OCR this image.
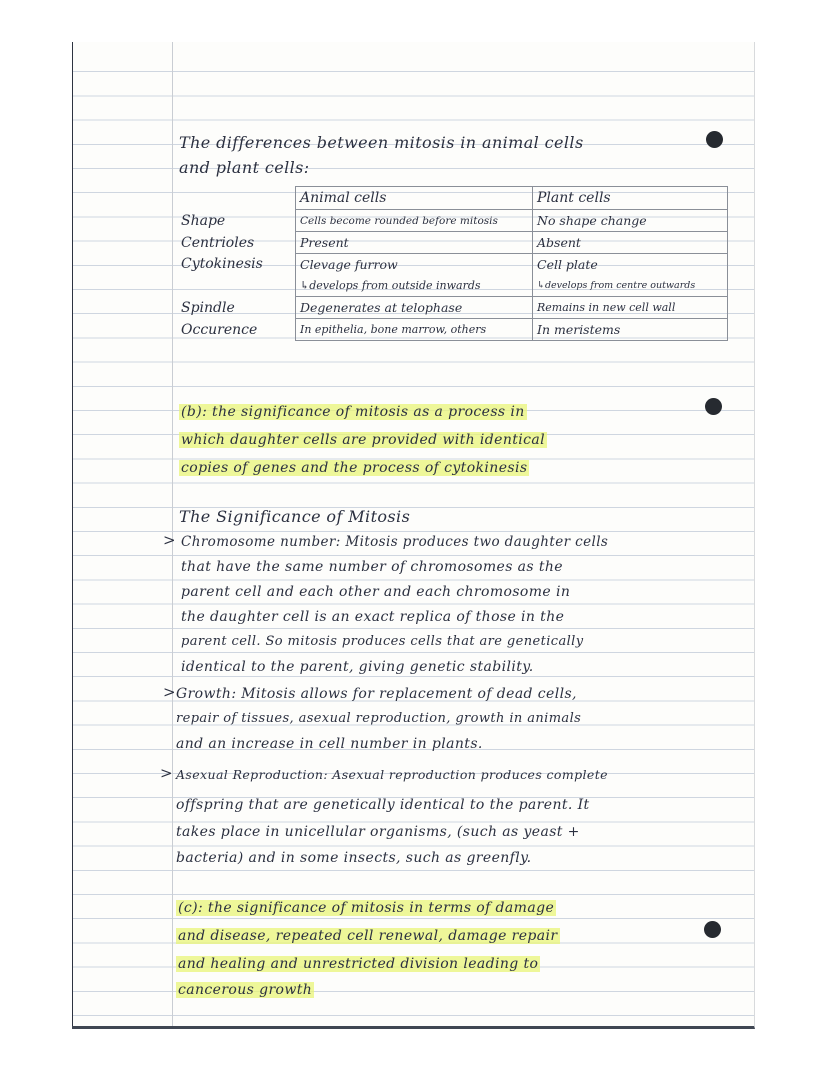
The differences between mitosis in animal cells
and plant cells:
	Animal cells	Plant cells
Shape	Cells become rounded before mitosis	No shape change
Centrioles	Present	Absent
Cytokinesis	Clevage furrow	Cell plate
	↳develops from outside inwards	↳develops from centre outwards
Spindle	Degenerates at telophase	Remains in new cell wall
Occurence	In epithelia, bone marrow, others	In meristems
(b): the significance of mitosis as a process in
which daughter cells are provided with identical
copies of genes and the process of cytokinesis
The Significance of Mitosis
> Chromosome number: Mitosis produces two daughter cells
that have the same number of chromosomes as the
parent cell and each other and each chromosome in
the daughter cell is an exact replica of those in the
parent cell. So mitosis produces cells that are genetically
identical to the parent, giving genetic stability.
> Growth: Mitosis allows for replacement of dead cells,
repair of tissues, asexual reproduction, growth in animals
and an increase in cell number in plants.
> Asexual Reproduction: Asexual reproduction produces complete
offspring that are genetically identical to the parent. It
takes place in unicellular organisms, (such as yeast +
bacteria) and in some insects, such as greenfly.
(c): the significance of mitosis in terms of damage
and disease, repeated cell renewal, damage repair
and healing and unrestricted division leading to
cancerous growth
